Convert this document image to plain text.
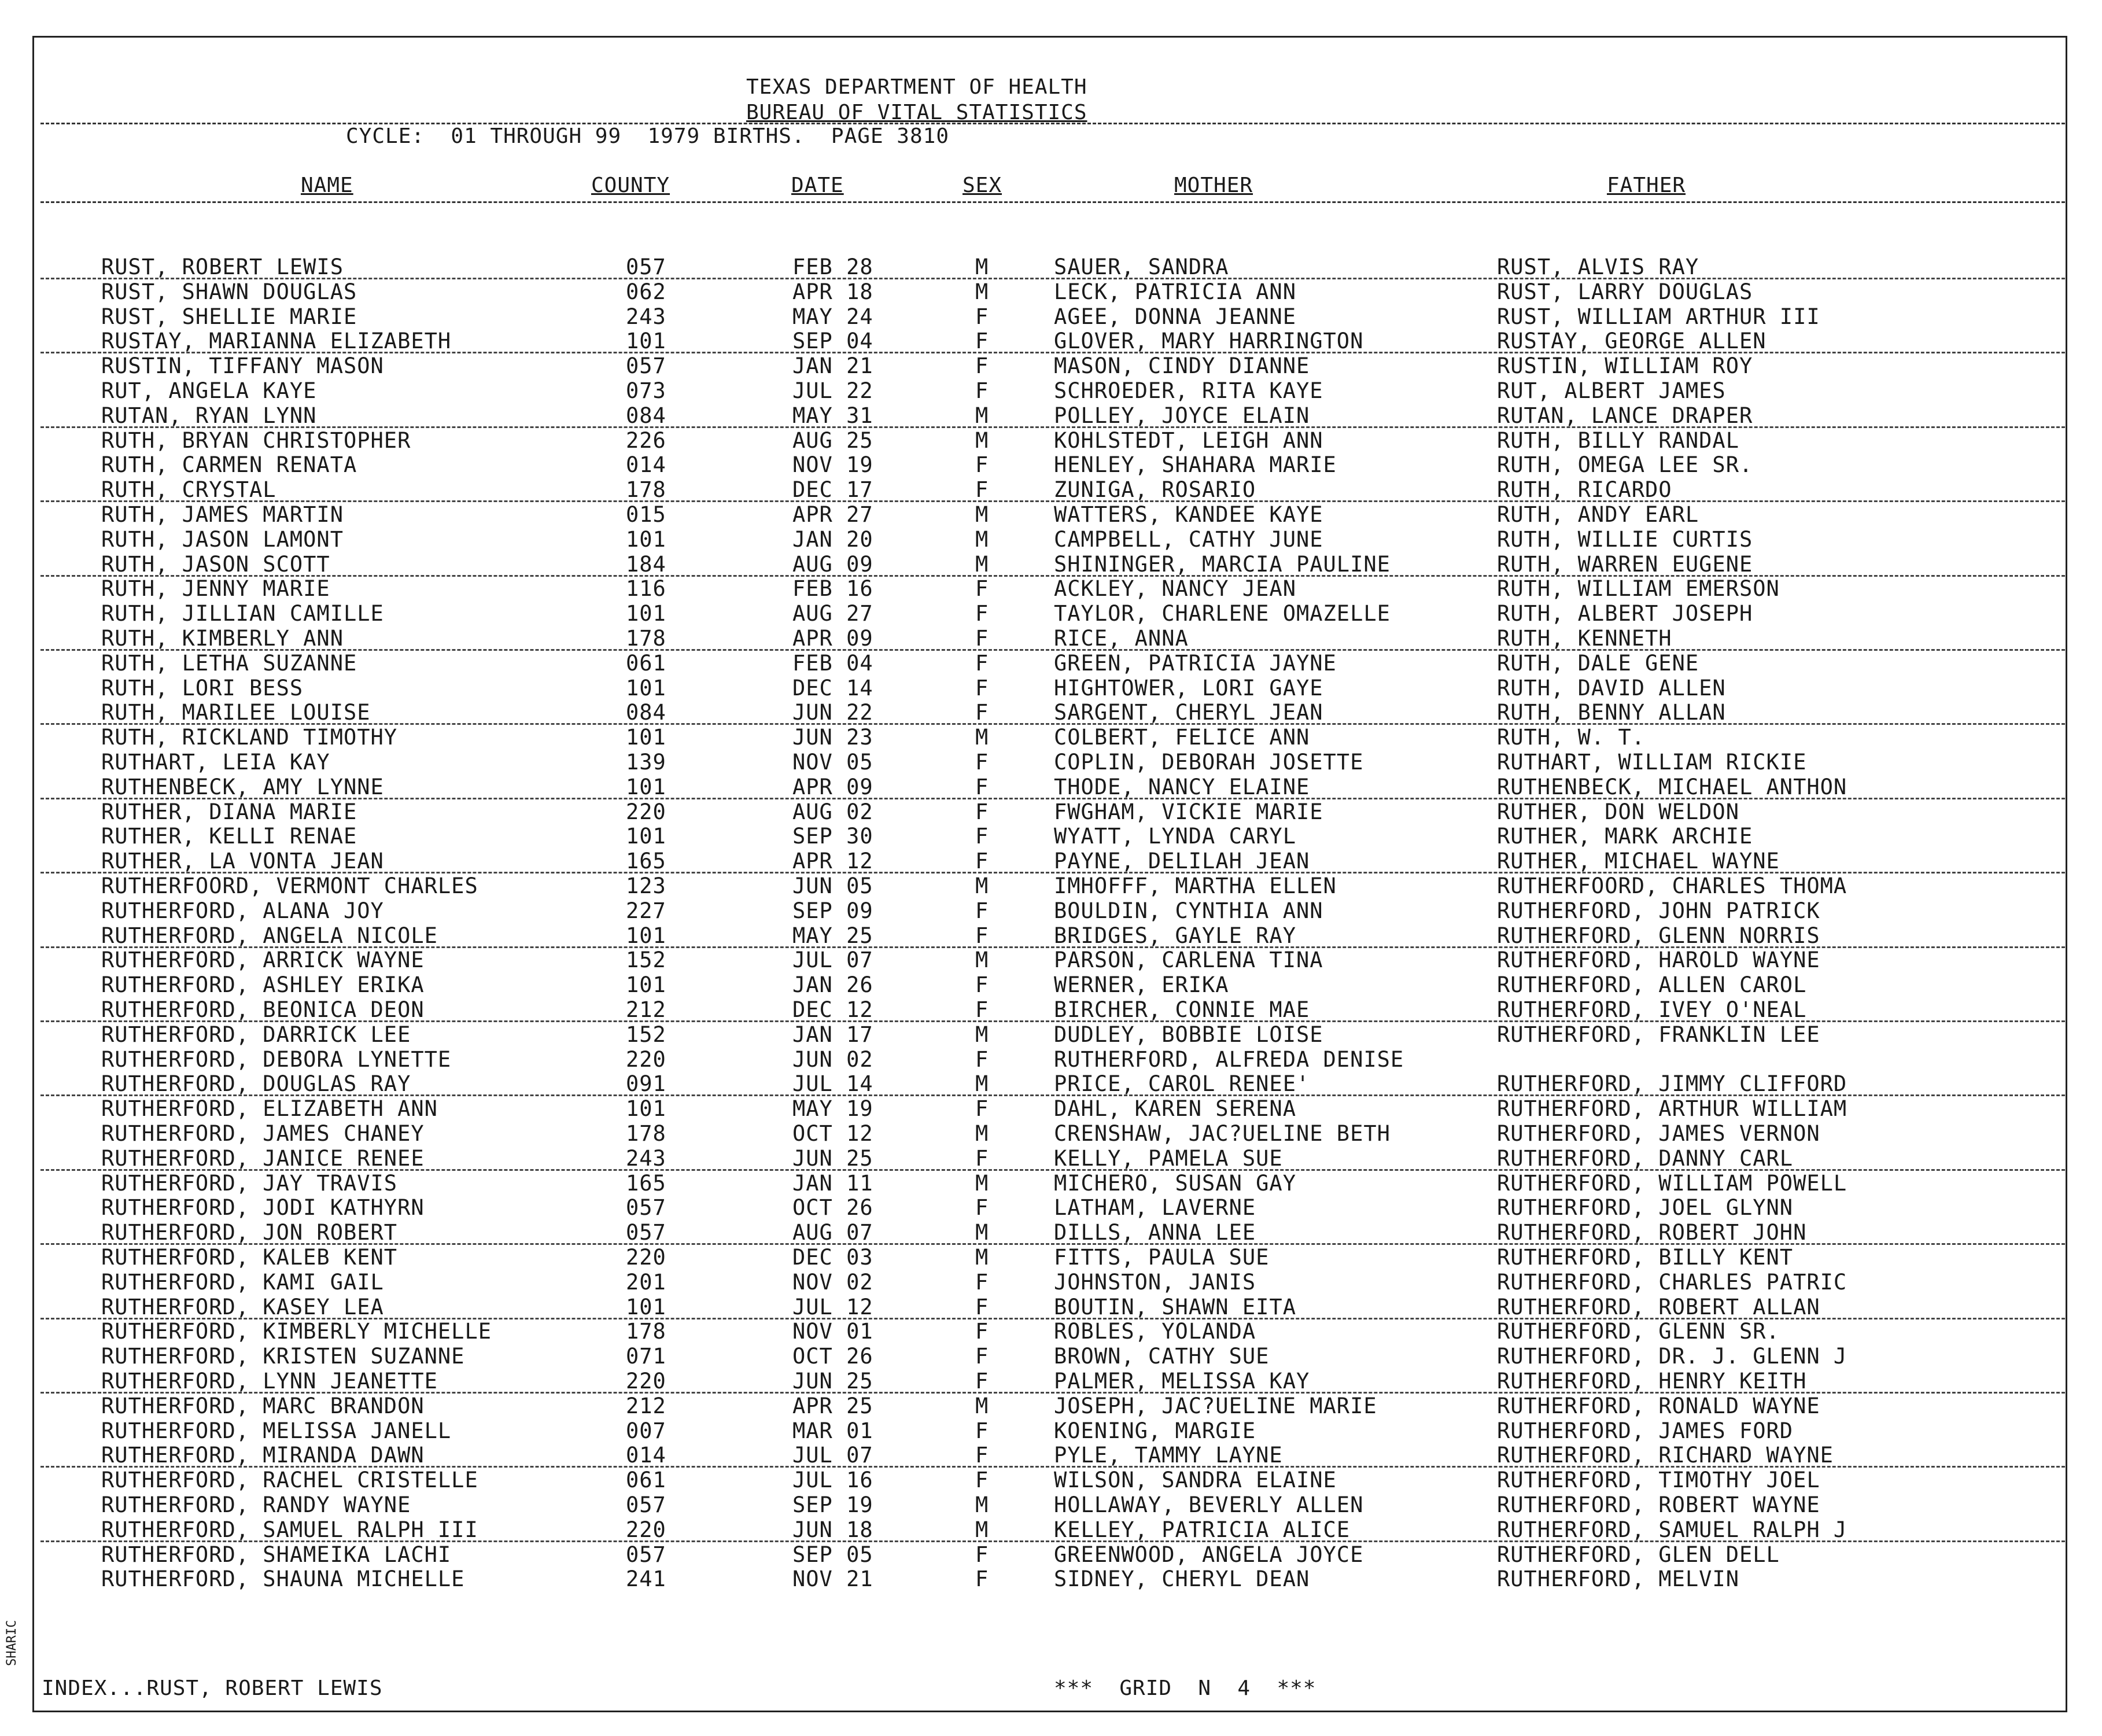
TEXAS DEPARTMENT OF HEALTH
BUREAU OF VITAL STATISTICS
CYCLE:  01 THROUGH 99  1979 BIRTHS.  PAGE 3810
NAME	COUNTY	DATE	SEX	MOTHER	FATHER
RUST, ROBERT LEWIS	057	FEB 28	M	SAUER, SANDRA	RUST, ALVIS RAY
RUST, SHAWN DOUGLAS	062	APR 18	M	LECK, PATRICIA ANN	RUST, LARRY DOUGLAS
RUST, SHELLIE MARIE	243	MAY 24	F	AGEE, DONNA JEANNE	RUST, WILLIAM ARTHUR III
RUSTAY, MARIANNA ELIZABETH	101	SEP 04	F	GLOVER, MARY HARRINGTON	RUSTAY, GEORGE ALLEN
RUSTIN, TIFFANY MASON	057	JAN 21	F	MASON, CINDY DIANNE	RUSTIN, WILLIAM ROY
RUT, ANGELA KAYE	073	JUL 22	F	SCHROEDER, RITA KAYE	RUT, ALBERT JAMES
RUTAN, RYAN LYNN	084	MAY 31	M	POLLEY, JOYCE ELAIN	RUTAN, LANCE DRAPER
RUTH, BRYAN CHRISTOPHER	226	AUG 25	M	KOHLSTEDT, LEIGH ANN	RUTH, BILLY RANDAL
RUTH, CARMEN RENATA	014	NOV 19	F	HENLEY, SHAHARA MARIE	RUTH, OMEGA LEE SR.
RUTH, CRYSTAL	178	DEC 17	F	ZUNIGA, ROSARIO	RUTH, RICARDO
RUTH, JAMES MARTIN	015	APR 27	M	WATTERS, KANDEE KAYE	RUTH, ANDY EARL
RUTH, JASON LAMONT	101	JAN 20	M	CAMPBELL, CATHY JUNE	RUTH, WILLIE CURTIS
RUTH, JASON SCOTT	184	AUG 09	M	SHININGER, MARCIA PAULINE	RUTH, WARREN EUGENE
RUTH, JENNY MARIE	116	FEB 16	F	ACKLEY, NANCY JEAN	RUTH, WILLIAM EMERSON
RUTH, JILLIAN CAMILLE	101	AUG 27	F	TAYLOR, CHARLENE OMAZELLE	RUTH, ALBERT JOSEPH
RUTH, KIMBERLY ANN	178	APR 09	F	RICE, ANNA	RUTH, KENNETH
RUTH, LETHA SUZANNE	061	FEB 04	F	GREEN, PATRICIA JAYNE	RUTH, DALE GENE
RUTH, LORI BESS	101	DEC 14	F	HIGHTOWER, LORI GAYE	RUTH, DAVID ALLEN
RUTH, MARILEE LOUISE	084	JUN 22	F	SARGENT, CHERYL JEAN	RUTH, BENNY ALLAN
RUTH, RICKLAND TIMOTHY	101	JUN 23	M	COLBERT, FELICE ANN	RUTH, W. T.
RUTHART, LEIA KAY	139	NOV 05	F	COPLIN, DEBORAH JOSETTE	RUTHART, WILLIAM RICKIE
RUTHENBECK, AMY LYNNE	101	APR 09	F	THODE, NANCY ELAINE	RUTHENBECK, MICHAEL ANTHON
RUTHER, DIANA MARIE	220	AUG 02	F	FWGHAM, VICKIE MARIE	RUTHER, DON WELDON
RUTHER, KELLI RENAE	101	SEP 30	F	WYATT, LYNDA CARYL	RUTHER, MARK ARCHIE
RUTHER, LA VONTA JEAN	165	APR 12	F	PAYNE, DELILAH JEAN	RUTHER, MICHAEL WAYNE
RUTHERFOORD, VERMONT CHARLES	123	JUN 05	M	IMHOFFF, MARTHA ELLEN	RUTHERFOORD, CHARLES THOMA
RUTHERFORD, ALANA JOY	227	SEP 09	F	BOULDIN, CYNTHIA ANN	RUTHERFORD, JOHN PATRICK
RUTHERFORD, ANGELA NICOLE	101	MAY 25	F	BRIDGES, GAYLE RAY	RUTHERFORD, GLENN NORRIS
RUTHERFORD, ARRICK WAYNE	152	JUL 07	M	PARSON, CARLENA TINA	RUTHERFORD, HAROLD WAYNE
RUTHERFORD, ASHLEY ERIKA	101	JAN 26	F	WERNER, ERIKA	RUTHERFORD, ALLEN CAROL
RUTHERFORD, BEONICA DEON	212	DEC 12	F	BIRCHER, CONNIE MAE	RUTHERFORD, IVEY O'NEAL
RUTHERFORD, DARRICK LEE	152	JAN 17	M	DUDLEY, BOBBIE LOISE	RUTHERFORD, FRANKLIN LEE
RUTHERFORD, DEBORA LYNETTE	220	JUN 02	F	RUTHERFORD, ALFREDA DENISE
RUTHERFORD, DOUGLAS RAY	091	JUL 14	M	PRICE, CAROL RENEE'	RUTHERFORD, JIMMY CLIFFORD
RUTHERFORD, ELIZABETH ANN	101	MAY 19	F	DAHL, KAREN SERENA	RUTHERFORD, ARTHUR WILLIAM
RUTHERFORD, JAMES CHANEY	178	OCT 12	M	CRENSHAW, JAC?UELINE BETH	RUTHERFORD, JAMES VERNON
RUTHERFORD, JANICE RENEE	243	JUN 25	F	KELLY, PAMELA SUE	RUTHERFORD, DANNY CARL
RUTHERFORD, JAY TRAVIS	165	JAN 11	M	MICHERO, SUSAN GAY	RUTHERFORD, WILLIAM POWELL
RUTHERFORD, JODI KATHYRN	057	OCT 26	F	LATHAM, LAVERNE	RUTHERFORD, JOEL GLYNN
RUTHERFORD, JON ROBERT	057	AUG 07	M	DILLS, ANNA LEE	RUTHERFORD, ROBERT JOHN
RUTHERFORD, KALEB KENT	220	DEC 03	M	FITTS, PAULA SUE	RUTHERFORD, BILLY KENT
RUTHERFORD, KAMI GAIL	201	NOV 02	F	JOHNSTON, JANIS	RUTHERFORD, CHARLES PATRIC
RUTHERFORD, KASEY LEA	101	JUL 12	F	BOUTIN, SHAWN EITA	RUTHERFORD, ROBERT ALLAN
RUTHERFORD, KIMBERLY MICHELLE	178	NOV 01	F	ROBLES, YOLANDA	RUTHERFORD, GLENN SR.
RUTHERFORD, KRISTEN SUZANNE	071	OCT 26	F	BROWN, CATHY SUE	RUTHERFORD, DR. J. GLENN J
RUTHERFORD, LYNN JEANETTE	220	JUN 25	F	PALMER, MELISSA KAY	RUTHERFORD, HENRY KEITH
RUTHERFORD, MARC BRANDON	212	APR 25	M	JOSEPH, JAC?UELINE MARIE	RUTHERFORD, RONALD WAYNE
RUTHERFORD, MELISSA JANELL	007	MAR 01	F	KOENING, MARGIE	RUTHERFORD, JAMES FORD
RUTHERFORD, MIRANDA DAWN	014	JUL 07	F	PYLE, TAMMY LAYNE	RUTHERFORD, RICHARD WAYNE
RUTHERFORD, RACHEL CRISTELLE	061	JUL 16	F	WILSON, SANDRA ELAINE	RUTHERFORD, TIMOTHY JOEL
RUTHERFORD, RANDY WAYNE	057	SEP 19	M	HOLLAWAY, BEVERLY ALLEN	RUTHERFORD, ROBERT WAYNE
RUTHERFORD, SAMUEL RALPH III	220	JUN 18	M	KELLEY, PATRICIA ALICE	RUTHERFORD, SAMUEL RALPH J
RUTHERFORD, SHAMEIKA LACHI	057	SEP 05	F	GREENWOOD, ANGELA JOYCE	RUTHERFORD, GLEN DELL
RUTHERFORD, SHAUNA MICHELLE	241	NOV 21	F	SIDNEY, CHERYL DEAN	RUTHERFORD, MELVIN
INDEX...RUST, ROBERT LEWIS	***  GRID  N  4  ***
SHARIC
